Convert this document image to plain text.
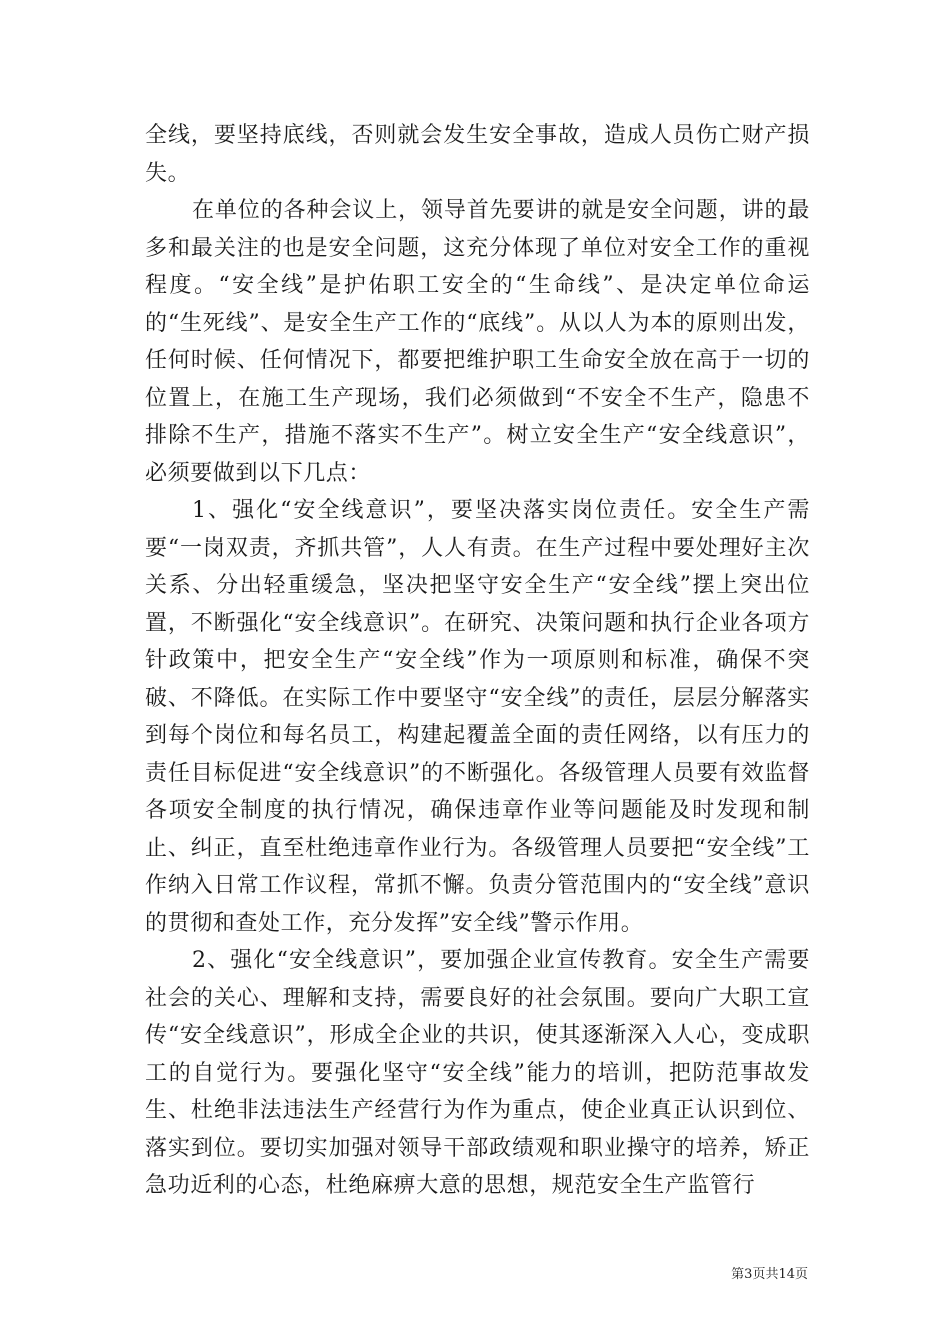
全线，要坚持底线，否则就会发生安全事故，造成人员伤亡财产损失。

在单位的各种会议上，领导首先要讲的就是安全问题，讲的最多和最关注的也是安全问题，这充分体现了单位对安全工作的重视程度。“安全线”是护佑职工安全的“生命线”、是决定单位命运的“生死线”、是安全生产工作的“底线”。从以人为本的原则出发，任何时候、任何情况下，都要把维护职工生命安全放在高于一切的位置上，在施工生产现场，我们必须做到“不安全不生产，隐患不排除不生产，措施不落实不生产”。树立安全生产“安全线意识”，必须要做到以下几点：

1、强化“安全线意识”，要坚决落实岗位责任。安全生产需要“一岗双责，齐抓共管”，人人有责。在生产过程中要处理好主次关系、分出轻重缓急，坚决把坚守安全生产“安全线”摆上突出位置，不断强化“安全线意识”。在研究、决策问题和执行企业各项方针政策中，把安全生产“安全线”作为一项原则和标准，确保不突破、不降低。在实际工作中要坚守“安全线”的责任，层层分解落实到每个岗位和每名员工，构建起覆盖全面的责任网络，以有压力的责任目标促进“安全线意识”的不断强化。各级管理人员要有效监督各项安全制度的执行情况，确保违章作业等问题能及时发现和制止、纠正，直至杜绝违章作业行为。各级管理人员要把“安全线”工作纳入日常工作议程，常抓不懈。负责分管范围内的“安全线”意识的贯彻和查处工作，充分发挥”安全线”警示作用。

2、强化“安全线意识”，要加强企业宣传教育。安全生产需要社会的关心、理解和支持，需要良好的社会氛围。要向广大职工宣传“安全线意识”，形成全企业的共识，使其逐渐深入人心，变成职工的自觉行为。要强化坚守“安全线”能力的培训，把防范事故发生、杜绝非法违法生产经营行为作为重点，使企业真正认识到位、落实到位。要切实加强对领导干部政绩观和职业操守的培养，矫正急功近利的心态，杜绝麻痹大意的思想，规范安全生产监管行

第3页共14页
